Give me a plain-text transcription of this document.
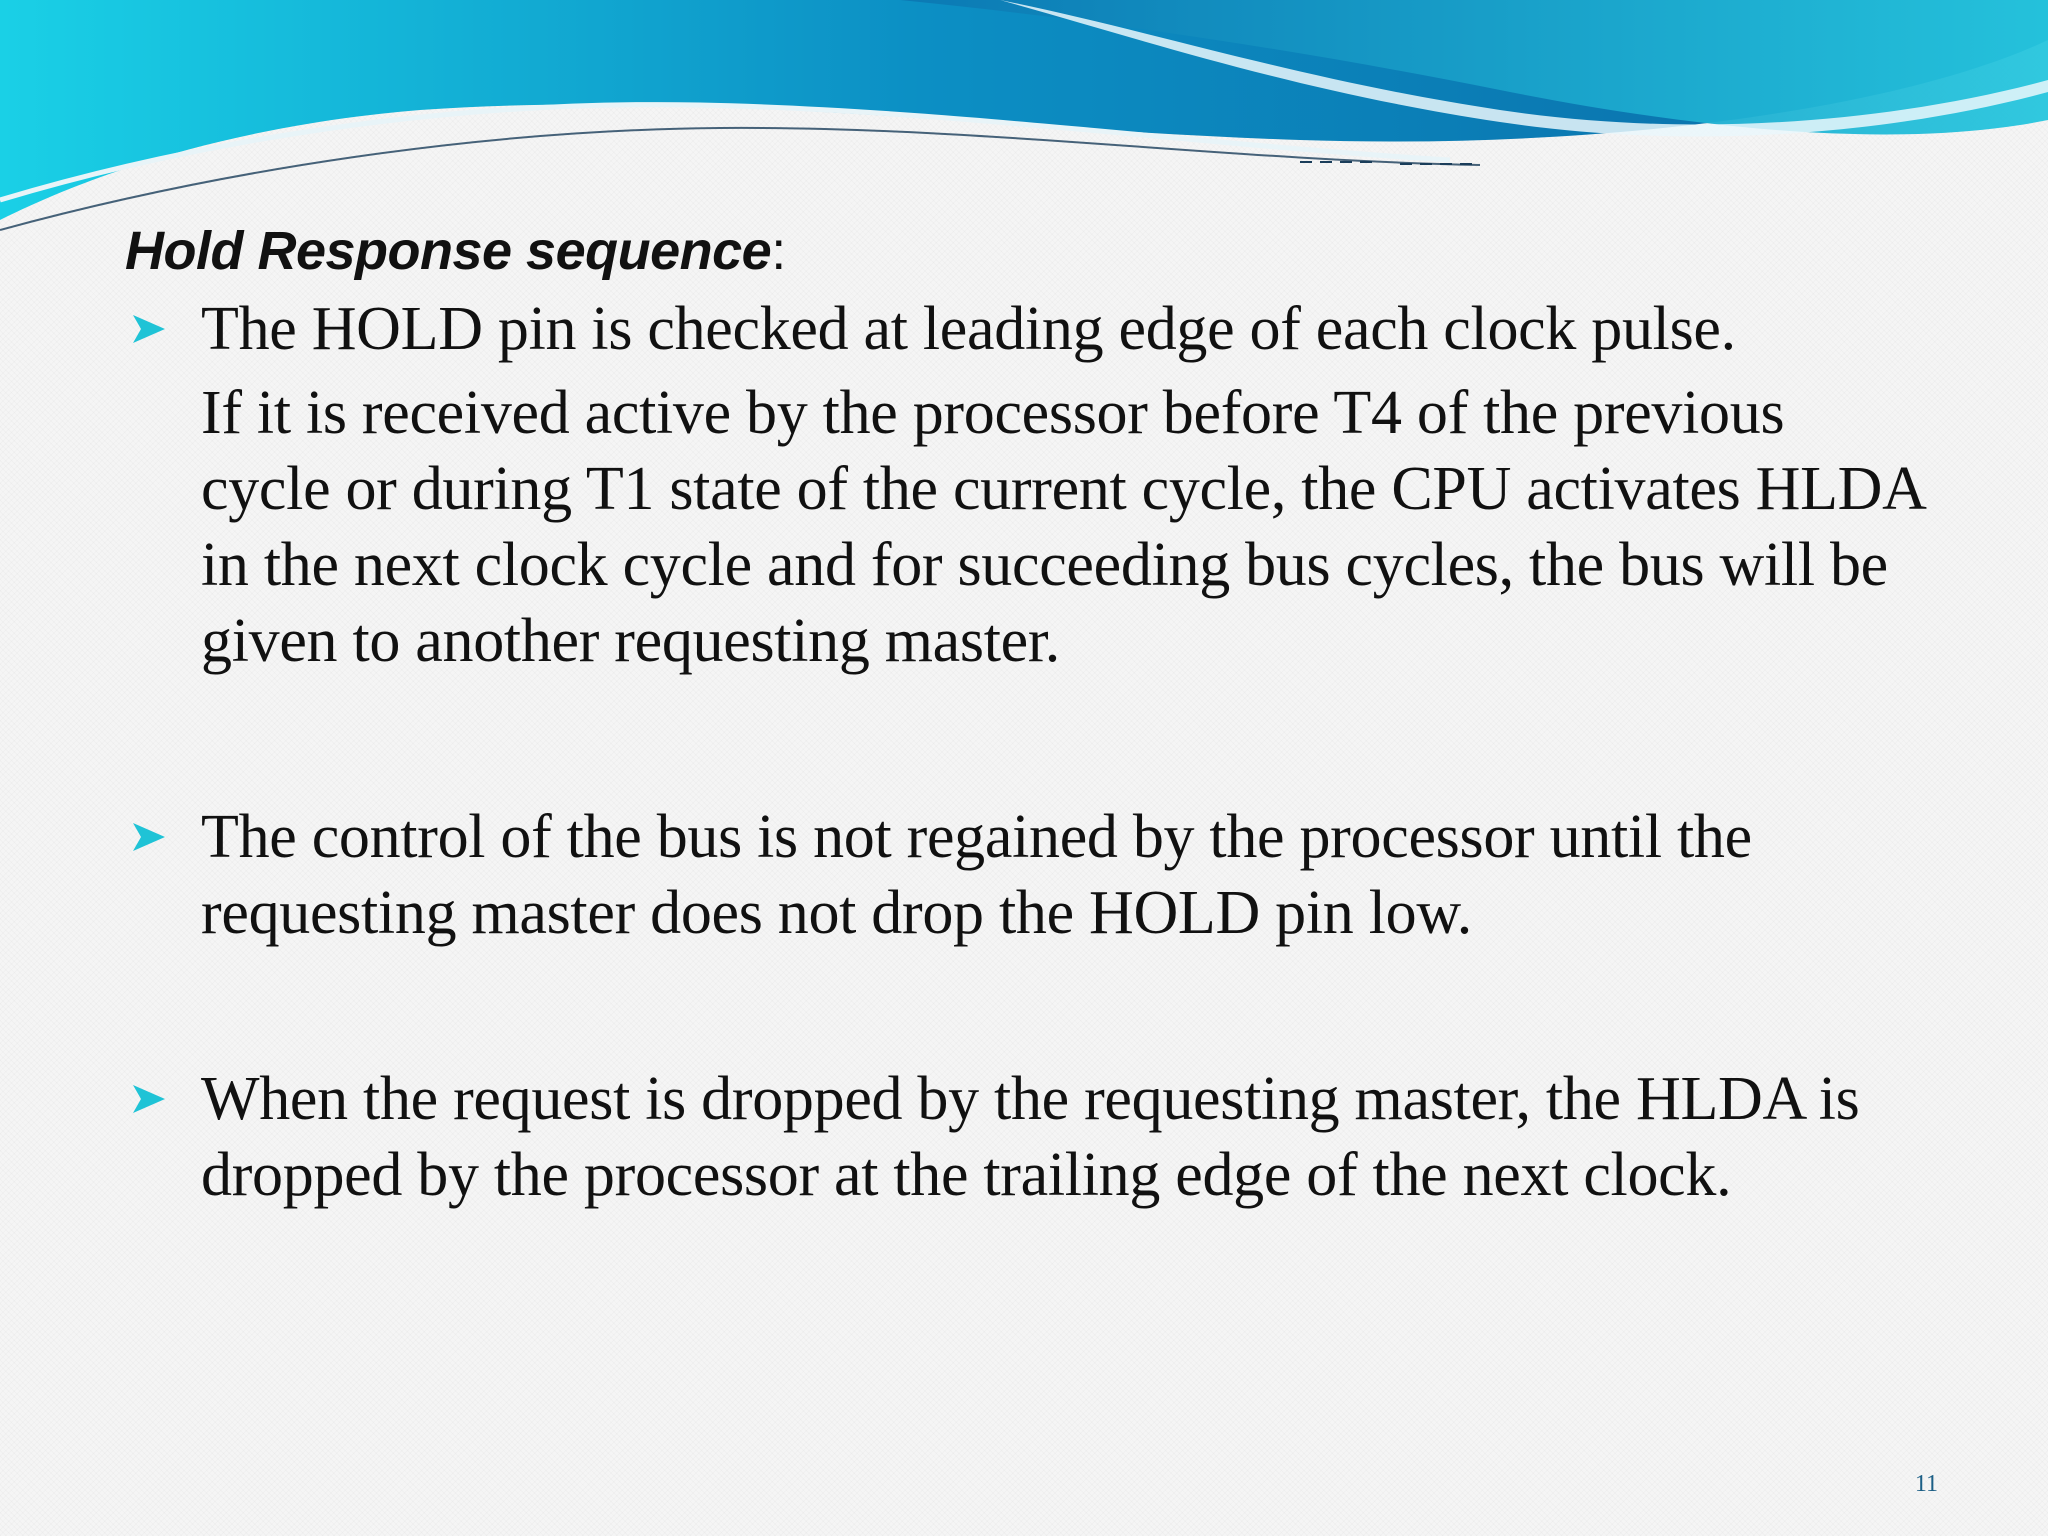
Hold Response sequence:

The HOLD pin is checked at leading edge of each clock pulse.
If it is received active by the processor before T4 of the previous cycle or during T1 state of the current cycle, the CPU activates HLDA in the next clock cycle and for succeeding bus cycles, the bus will be given to another requesting master.
The control of the bus is not regained by the processor until the requesting master does not drop the HOLD pin low.
When the request is dropped by the requesting master, the HLDA is dropped by the processor at the trailing edge of the next clock.
11
